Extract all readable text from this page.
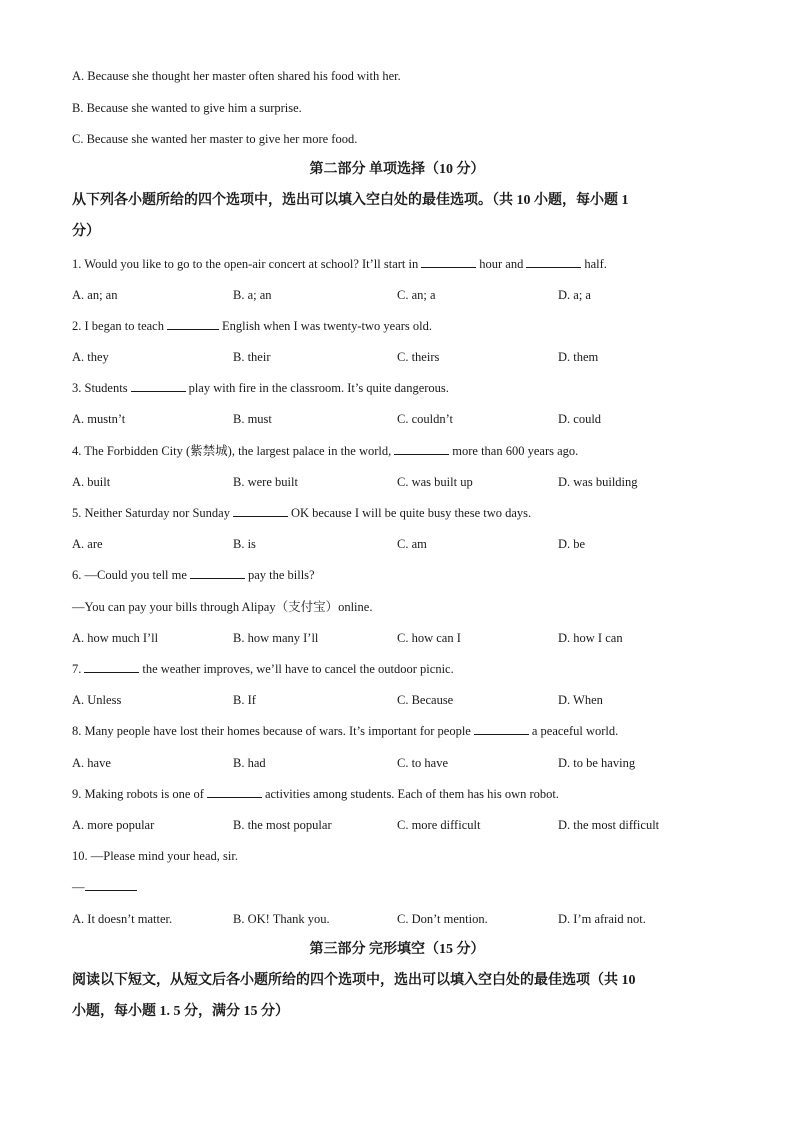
A. Because she thought her master often shared his food with her.
B. Because she wanted to give him a surprise.
C. Because she wanted her master to give her more food.
第二部分 单项选择（10 分）
从下列各小题所给的四个选项中，选出可以填入空白处的最佳选项。（共 10 小题，每小题 1
分）
1. Would you like to go to the open-air concert at school? It’ll start in	hour and	half.
A. an; an	B. a; an	C. an; a	D. a; a
2. I began to teach	English when I was twenty-two years old.
A. they	B. their	C. theirs	D. them
3. Students	play with fire in the classroom. It’s quite dangerous.
A. mustn’t	B. must	C. couldn’t	D. could
4. The Forbidden City (紫禁城), the largest palace in the world,	more than 600 years ago.
A. built	B. were built	C. was built up	D. was building
5. Neither Saturday nor Sunday	OK because I will be quite busy these two days.
A. are	B. is	C. am	D. be
6. —Could you tell me	pay the bills?
—You can pay your bills through Alipay（支付宝）online.
A. how much I’ll	B. how many I’ll	C. how can I	D. how I can
7.	the weather improves, we’ll have to cancel the outdoor picnic.
A. Unless	B. If	C. Because	D. When
8. Many people have lost their homes because of wars. It’s important for people	a peaceful world.
A. have	B. had	C. to have	D. to be having
9. Making robots is one of	activities among students. Each of them has his own robot.
A. more popular	B. the most popular	C. more difficult	D. the most difficult
10. —Please mind your head, sir.
—
A. It doesn’t matter.	B. OK! Thank you.	C. Don’t mention.	D. I’m afraid not.
第三部分 完形填空（15 分）
阅读以下短文，从短文后各小题所给的四个选项中，选出可以填入空白处的最佳选项（共 10
小题，每小题 1. 5 分，满分 15 分）
